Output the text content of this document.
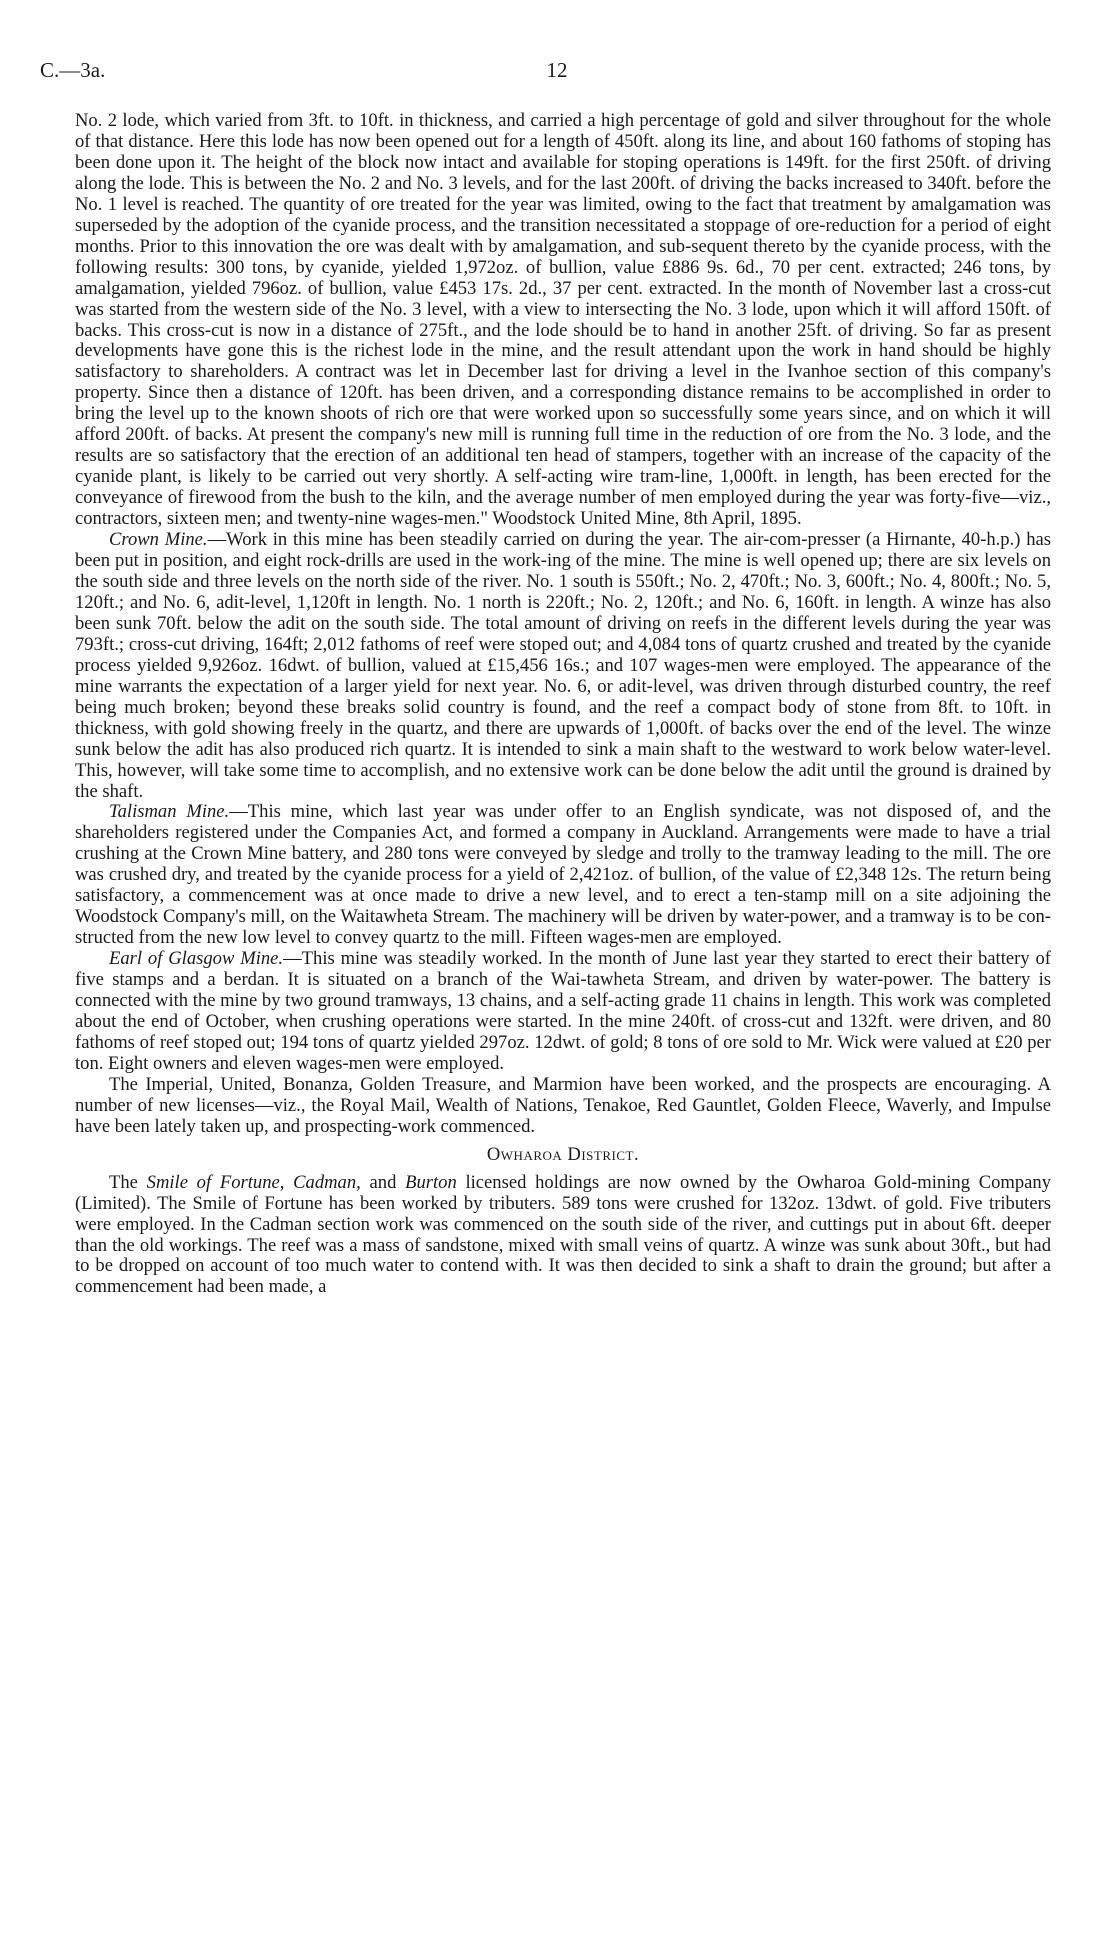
C.—3a.	12

No. 2 lode, which varied from 3ft. to 10ft. in thickness, and carried a high percentage of gold and silver throughout for the whole of that distance. Here this lode has now been opened out for a length of 450ft. along its line, and about 160 fathoms of stoping has been done upon it. The height of the block now intact and available for stoping operations is 149ft. for the first 250ft. of driving along the lode. This is between the No. 2 and No. 3 levels, and for the last 200ft. of driving the backs increased to 340ft. before the No. 1 level is reached. The quantity of ore treated for the year was limited, owing to the fact that treatment by amalgamation was superseded by the adoption of the cyanide process, and the transition necessitated a stoppage of ore-reduction for a period of eight months. Prior to this innovation the ore was dealt with by amalgamation, and sub-sequent thereto by the cyanide process, with the following results: 300 tons, by cyanide, yielded 1,972oz. of bullion, value £886 9s. 6d., 70 per cent. extracted; 246 tons, by amalgamation, yielded 796oz. of bullion, value £453 17s. 2d., 37 per cent. extracted. In the month of November last a cross-cut was started from the western side of the No. 3 level, with a view to intersecting the No. 3 lode, upon which it will afford 150ft. of backs. This cross-cut is now in a distance of 275ft., and the lode should be to hand in another 25ft. of driving. So far as present developments have gone this is the richest lode in the mine, and the result attendant upon the work in hand should be highly satisfactory to shareholders. A contract was let in December last for driving a level in the Ivanhoe section of this company's property. Since then a distance of 120ft. has been driven, and a corresponding distance remains to be accomplished in order to bring the level up to the known shoots of rich ore that were worked upon so successfully some years since, and on which it will afford 200ft. of backs. At present the company's new mill is running full time in the reduction of ore from the No. 3 lode, and the results are so satisfactory that the erection of an additional ten head of stampers, together with an increase of the capacity of the cyanide plant, is likely to be carried out very shortly. A self-acting wire tram-line, 1,000ft. in length, has been erected for the conveyance of firewood from the bush to the kiln, and the average number of men employed during the year was forty-five—viz., contractors, sixteen men; and twenty-nine wages-men." Woodstock United Mine, 8th April, 1895.

Crown Mine.—Work in this mine has been steadily carried on during the year. The air-com-presser (a Hirnante, 40-h.p.) has been put in position, and eight rock-drills are used in the work-ing of the mine. The mine is well opened up; there are six levels on the south side and three levels on the north side of the river. No. 1 south is 550ft.; No. 2, 470ft.; No. 3, 600ft.; No. 4, 800ft.; No. 5, 120ft.; and No. 6, adit-level, 1,120ft in length. No. 1 north is 220ft.; No. 2, 120ft.; and No. 6, 160ft. in length. A winze has also been sunk 70ft. below the adit on the south side. The total amount of driving on reefs in the different levels during the year was 793ft.; cross-cut driving, 164ft; 2,012 fathoms of reef were stoped out; and 4,084 tons of quartz crushed and treated by the cyanide process yielded 9,926oz. 16dwt. of bullion, valued at £15,456 16s.; and 107 wages-men were employed. The appearance of the mine warrants the expectation of a larger yield for next year. No. 6, or adit-level, was driven through disturbed country, the reef being much broken; beyond these breaks solid country is found, and the reef a compact body of stone from 8ft. to 10ft. in thickness, with gold showing freely in the quartz, and there are upwards of 1,000ft. of backs over the end of the level. The winze sunk below the adit has also produced rich quartz. It is intended to sink a main shaft to the westward to work below water-level. This, however, will take some time to accomplish, and no extensive work can be done below the adit until the ground is drained by the shaft.

Talisman Mine.—This mine, which last year was under offer to an English syndicate, was not disposed of, and the shareholders registered under the Companies Act, and formed a company in Auckland. Arrangements were made to have a trial crushing at the Crown Mine battery, and 280 tons were conveyed by sledge and trolly to the tramway leading to the mill. The ore was crushed dry, and treated by the cyanide process for a yield of 2,421oz. of bullion, of the value of £2,348 12s. The return being satisfactory, a commencement was at once made to drive a new level, and to erect a ten-stamp mill on a site adjoining the Woodstock Company's mill, on the Waitawheta Stream. The machinery will be driven by water-power, and a tramway is to be con-structed from the new low level to convey quartz to the mill. Fifteen wages-men are employed.

Earl of Glasgow Mine.—This mine was steadily worked. In the month of June last year they started to erect their battery of five stamps and a berdan. It is situated on a branch of the Wai-tawheta Stream, and driven by water-power. The battery is connected with the mine by two ground tramways, 13 chains, and a self-acting grade 11 chains in length. This work was completed about the end of October, when crushing operations were started. In the mine 240ft. of cross-cut and 132ft. were driven, and 80 fathoms of reef stoped out; 194 tons of quartz yielded 297oz. 12dwt. of gold; 8 tons of ore sold to Mr. Wick were valued at £20 per ton. Eight owners and eleven wages-men were employed.

The Imperial, United, Bonanza, Golden Treasure, and Marmion have been worked, and the prospects are encouraging. A number of new licenses—viz., the Royal Mail, Wealth of Nations, Tenakoe, Red Gauntlet, Golden Fleece, Waverly, and Impulse have been lately taken up, and prospecting-work commenced.

Owharoa District.

The Smile of Fortune, Cadman, and Burton licensed holdings are now owned by the Owharoa Gold-mining Company (Limited). The Smile of Fortune has been worked by tributers. 589 tons were crushed for 132oz. 13dwt. of gold. Five tributers were employed. In the Cadman section work was commenced on the south side of the river, and cuttings put in about 6ft. deeper than the old workings. The reef was a mass of sandstone, mixed with small veins of quartz. A winze was sunk about 30ft., but had to be dropped on account of too much water to contend with. It was then decided to sink a shaft to drain the ground; but after a commencement had been made, a
